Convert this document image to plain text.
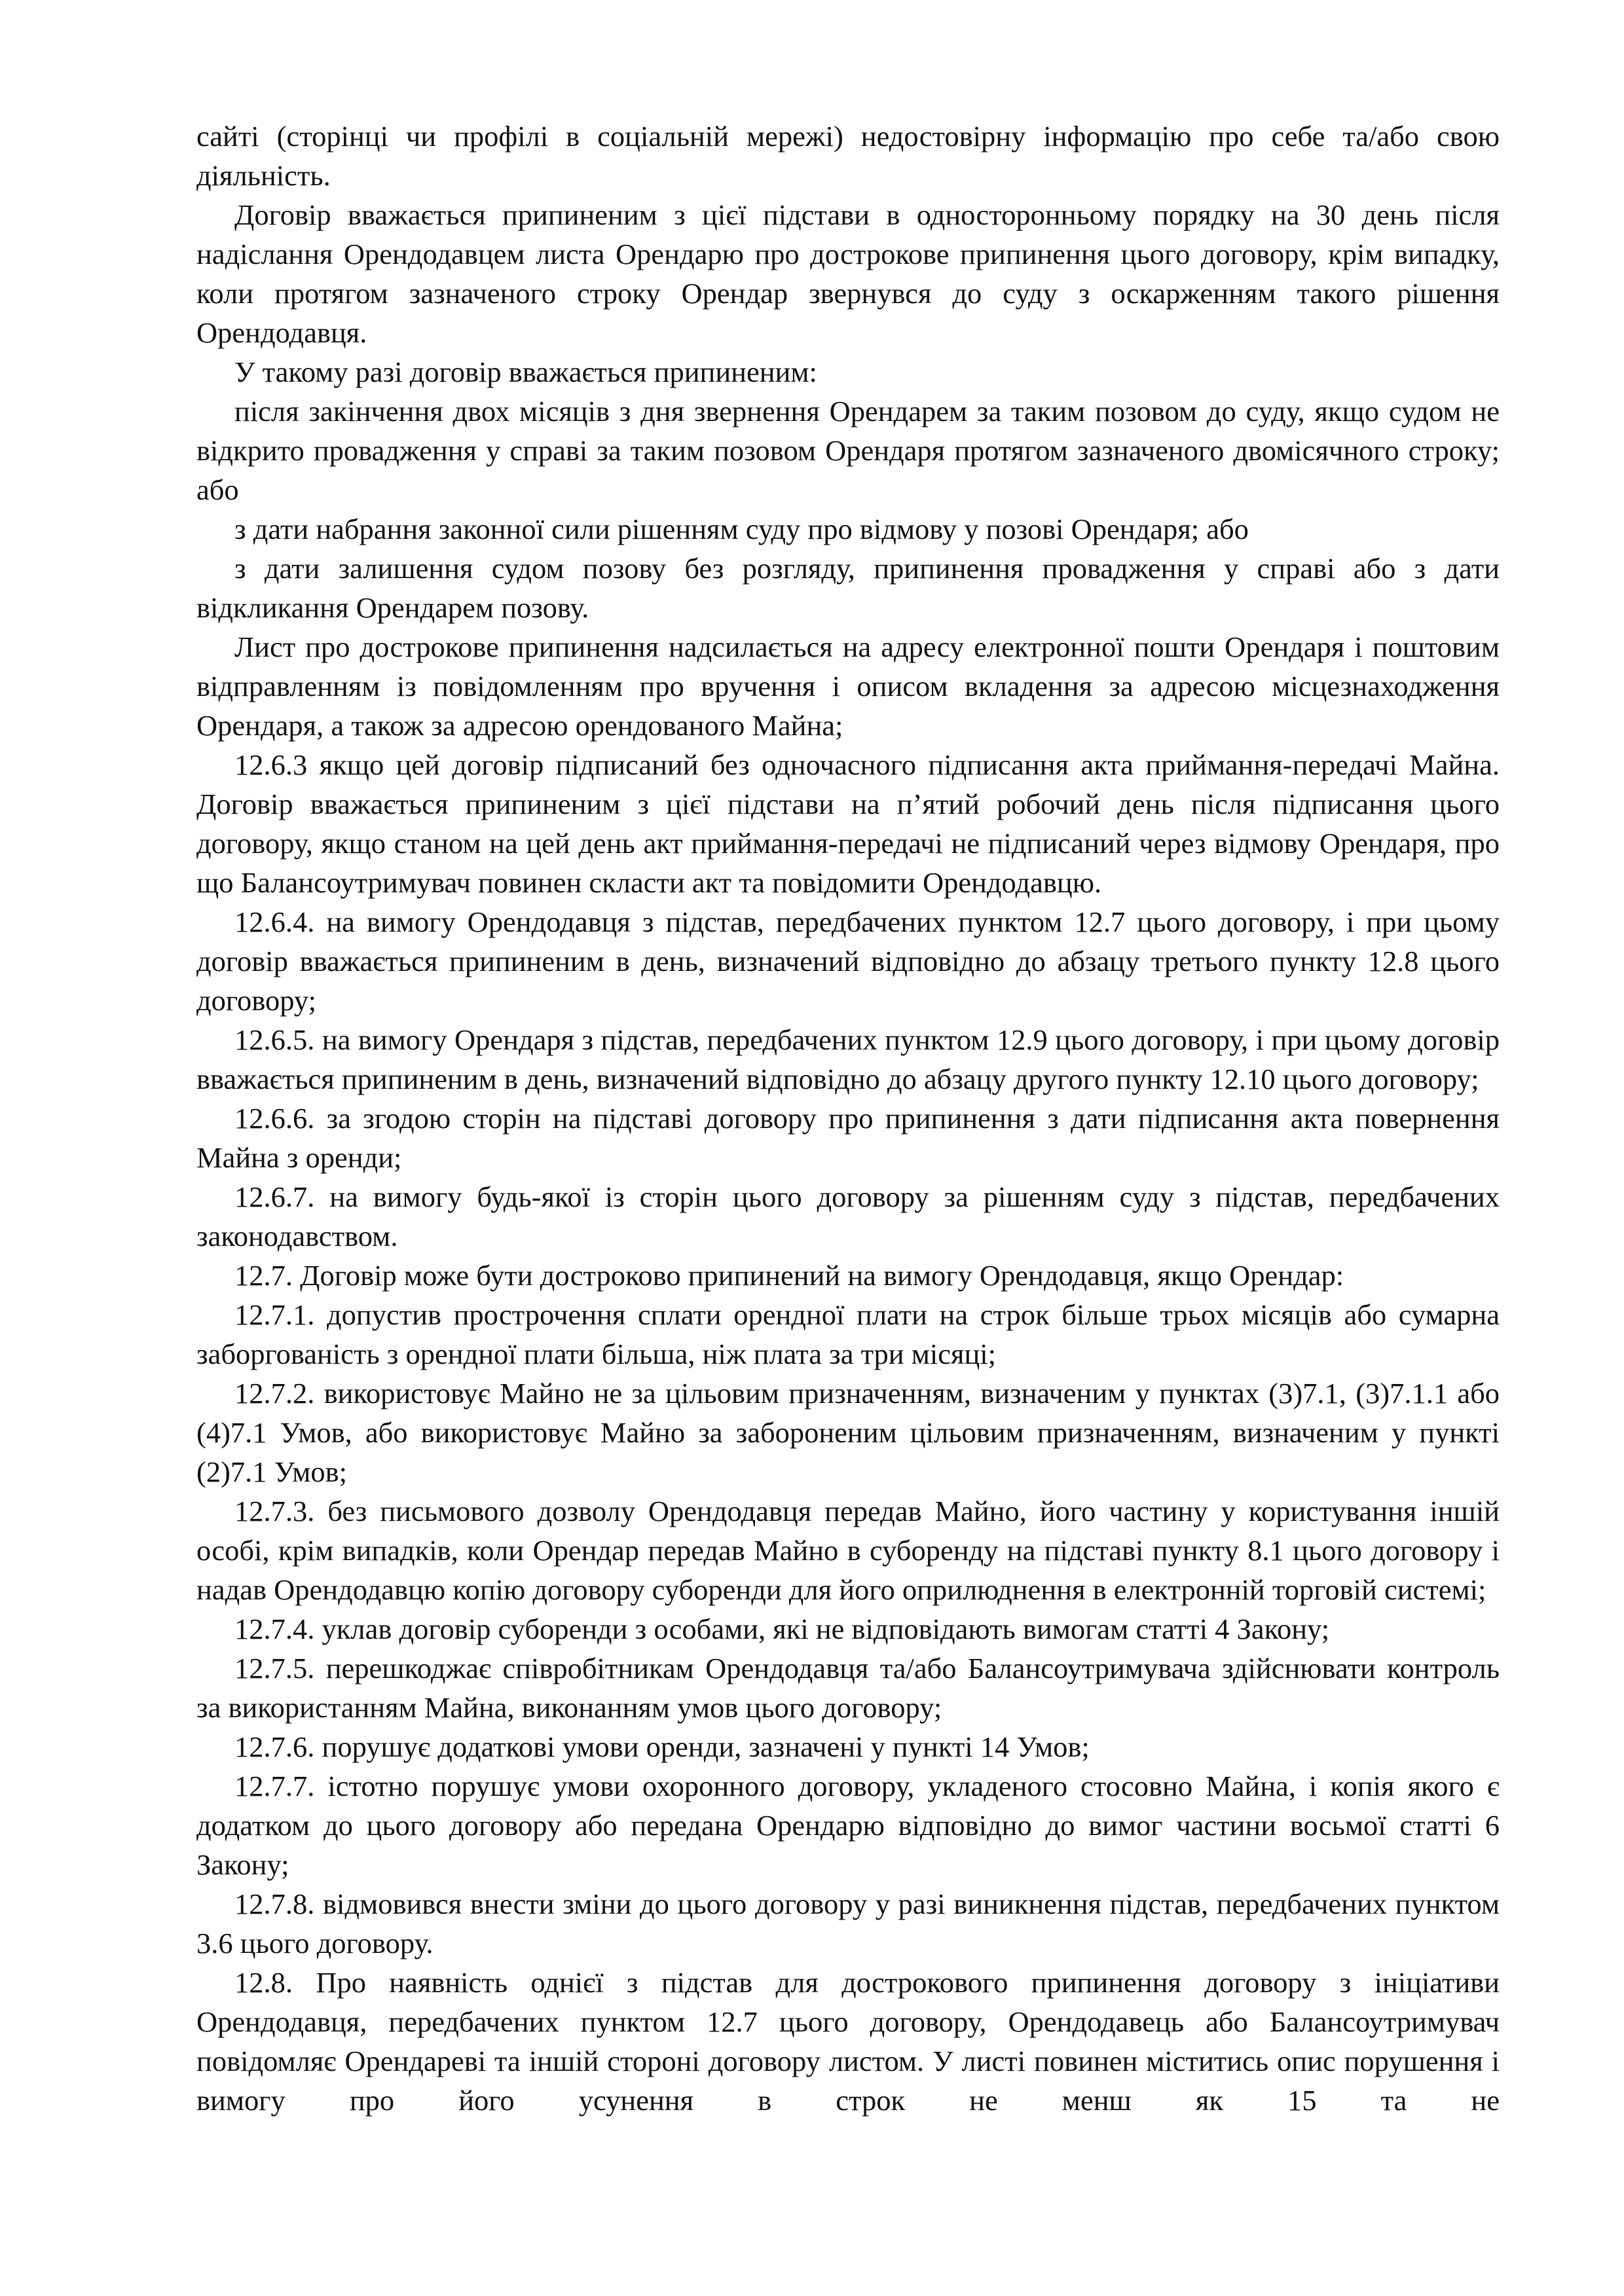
сайті (сторінці чи профілі в соціальній мережі) недостовірну інформацію про себе та/або свою діяльність.

Договір вважається припиненим з цієї підстави в односторонньому порядку на 30 день після надіслання Орендодавцем листа Орендарю про дострокове припинення цього договору, крім випадку, коли протягом зазначеного строку Орендар звернувся до суду з оскарженням такого рішення Орендодавця.

У такому разі договір вважається припиненим:

після закінчення двох місяців з дня звернення Орендарем за таким позовом до суду, якщо судом не відкрито провадження у справі за таким позовом Орендаря протягом зазначеного двомісячного строку; або

з дати набрання законної сили рішенням суду про відмову у позові Орендаря; або

з дати залишення судом позову без розгляду, припинення провадження у справі або з дати відкликання Орендарем позову.

Лист про дострокове припинення надсилається на адресу електронної пошти Орендаря і поштовим відправленням із повідомленням про вручення і описом вкладення за адресою місцезнаходження Орендаря, а також за адресою орендованого Майна;

12.6.3 якщо цей договір підписаний без одночасного підписання акта приймання-передачі Майна. Договір вважається припиненим з цієї підстави на п’ятий робочий день після підписання цього договору, якщо станом на цей день акт приймання-передачі не підписаний через відмову Орендаря, про що Балансоутримувач повинен скласти акт та повідомити Орендодавцю.

12.6.4. на вимогу Орендодавця з підстав, передбачених пунктом 12.7 цього договору, і при цьому договір вважається припиненим в день, визначений відповідно до абзацу третього пункту 12.8 цього договору;

12.6.5. на вимогу Орендаря з підстав, передбачених пунктом 12.9 цього договору, і при цьому договір вважається припиненим в день, визначений відповідно до абзацу другого пункту 12.10 цього договору;

12.6.6. за згодою сторін на підставі договору про припинення з дати підписання акта повернення Майна з оренди;

12.6.7. на вимогу будь-якої із сторін цього договору за рішенням суду з підстав, передбачених законодавством.

12.7. Договір може бути достроково припинений на вимогу Орендодавця, якщо Орендар:

12.7.1. допустив прострочення сплати орендної плати на строк більше трьох місяців або сумарна заборгованість з орендної плати більша, ніж плата за три місяці;

12.7.2. використовує Майно не за цільовим призначенням, визначеним у пунктах (3)7.1, (3)7.1.1 або (4)7.1 Умов, або використовує Майно за забороненим цільовим призначенням, визначеним у пункті (2)7.1 Умов;

12.7.3. без письмового дозволу Орендодавця передав Майно, його частину у користування іншій особі, крім випадків, коли Орендар передав Майно в суборенду на підставі пункту 8.1 цього договору і надав Орендодавцю копію договору суборенди для його оприлюднення в електронній торговій системі;

12.7.4. уклав договір суборенди з особами, які не відповідають вимогам статті 4 Закону;

12.7.5. перешкоджає співробітникам Орендодавця та/або Балансоутримувача здійснювати контроль за використанням Майна, виконанням умов цього договору;

12.7.6. порушує додаткові умови оренди, зазначені у пункті 14 Умов;

12.7.7. істотно порушує умови охоронного договору, укладеного стосовно Майна, і копія якого є додатком до цього договору або передана Орендарю відповідно до вимог частини восьмої статті 6 Закону;

12.7.8. відмовився внести зміни до цього договору у разі виникнення підстав, передбачених пунктом 3.6 цього договору.

12.8. Про наявність однієї з підстав для дострокового припинення договору з ініціативи Орендодавця, передбачених пунктом 12.7 цього договору, Орендодавець або Балансоутримувач повідомляє Орендареві та іншій стороні договору листом. У листі повинен міститись опис порушення і вимогу про його усунення в строк не менш як 15 та не
